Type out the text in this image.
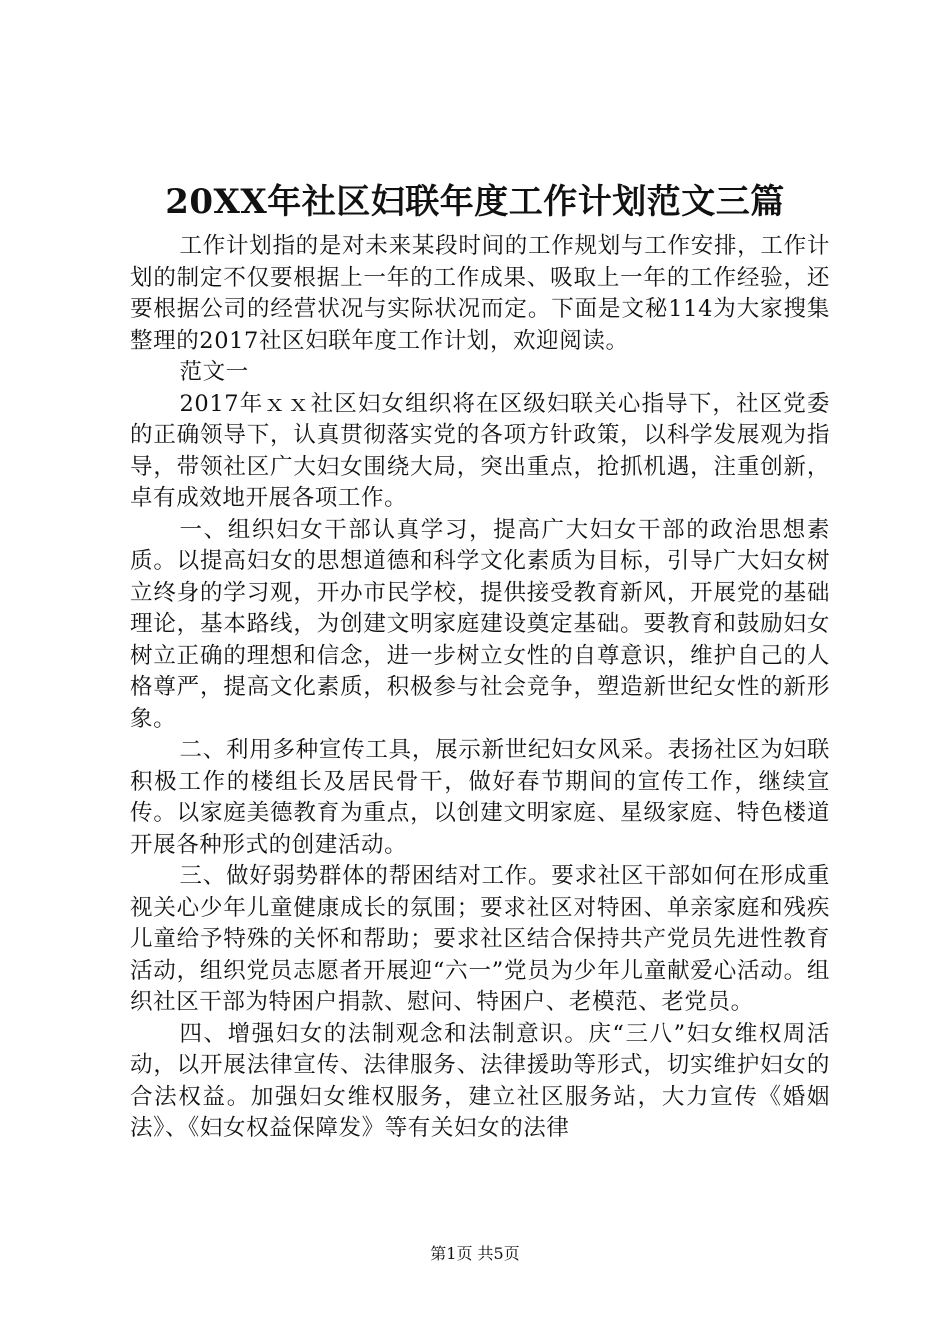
20XX年社区妇联年度工作计划范文三篇

工作计划指的是对未来某段时间的工作规划与工作安排，工作计划的制定不仅要根据上一年的工作成果、吸取上一年的工作经验，还要根据公司的经营状况与实际状况而定。下面是文秘114为大家搜集整理的2017社区妇联年度工作计划，欢迎阅读。

范文一

2017年ｘｘ社区妇女组织将在区级妇联关心指导下，社区党委的正确领导下，认真贯彻落实党的各项方针政策，以科学发展观为指导，带领社区广大妇女围绕大局，突出重点，抢抓机遇，注重创新，卓有成效地开展各项工作。

一、组织妇女干部认真学习，提高广大妇女干部的政治思想素质。以提高妇女的思想道德和科学文化素质为目标，引导广大妇女树立终身的学习观，开办市民学校，提供接受教育新风，开展党的基础理论，基本路线，为创建文明家庭建设奠定基础。要教育和鼓励妇女树立正确的理想和信念，进一步树立女性的自尊意识，维护自己的人格尊严，提高文化素质，积极参与社会竞争，塑造新世纪女性的新形象。

二、利用多种宣传工具，展示新世纪妇女风采。表扬社区为妇联积极工作的楼组长及居民骨干，做好春节期间的宣传工作，继续宣传。以家庭美德教育为重点，以创建文明家庭、星级家庭、特色楼道开展各种形式的创建活动。

三、做好弱势群体的帮困结对工作。要求社区干部如何在形成重视关心少年儿童健康成长的氛围；要求社区对特困、单亲家庭和残疾儿童给予特殊的关怀和帮助；要求社区结合保持共产党员先进性教育活动，组织党员志愿者开展迎“六一”党员为少年儿童献爱心活动。组织社区干部为特困户捐款、慰问、特困户、老模范、老党员。

四、增强妇女的法制观念和法制意识。庆“三八”妇女维权周活动，以开展法律宣传、法律服务、法律援助等形式，切实维护妇女的合法权益。加强妇女维权服务，建立社区服务站，大力宣传《婚姻法》、《妇女权益保障发》等有关妇女的法律

第1页 共5页
